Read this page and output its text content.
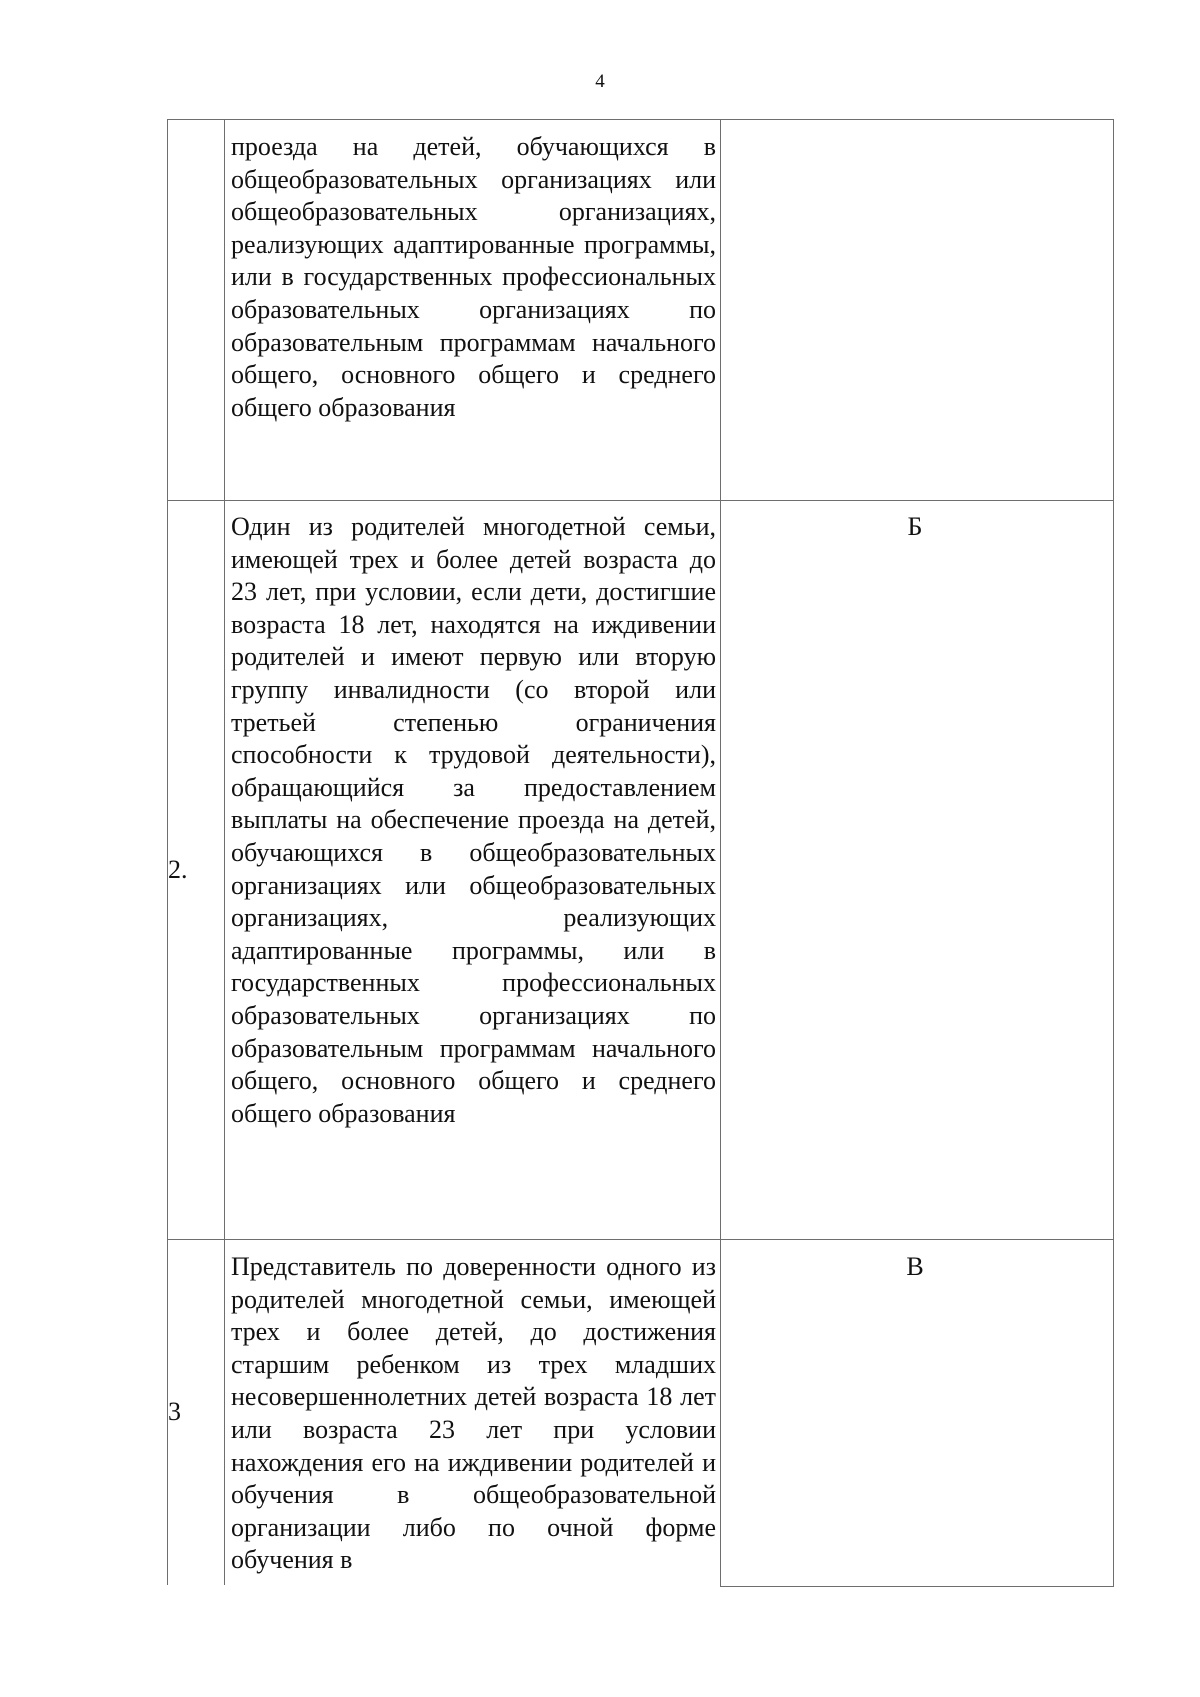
4
проезда на детей, обучающихся в общеобразовательных организациях или общеобразовательных организациях, реализующих адаптированные программы, или в государственных профессиональных образовательных организациях по образовательным программам начального общего, основного общего и среднего общего образования
2.
Один из родителей многодетной семьи, имеющей трех и более детей возраста до 23 лет, при условии, если дети, достигшие возраста 18 лет, находятся на иждивении родителей и имеют первую или вторую группу инвалидности (со второй или третьей степенью ограничения способности к трудовой деятельности), обращающийся за предоставлением выплаты на обеспечение проезда на детей, обучающихся в общеобразовательных организациях или общеобразовательных организациях, реализующих адаптированные программы, или в государственных профессиональных образовательных организациях по образовательным программам начального общего, основного общего и среднего общего образования
Б
3
Представитель по доверенности одного из родителей многодетной семьи, имеющей трех и более детей, до достижения старшим ребенком из трех младших несовершеннолетних детей возраста 18 лет или возраста 23 лет при условии нахождения его на иждивении родителей и обучения в общеобразовательной организации либо по очной форме обучения в
В
